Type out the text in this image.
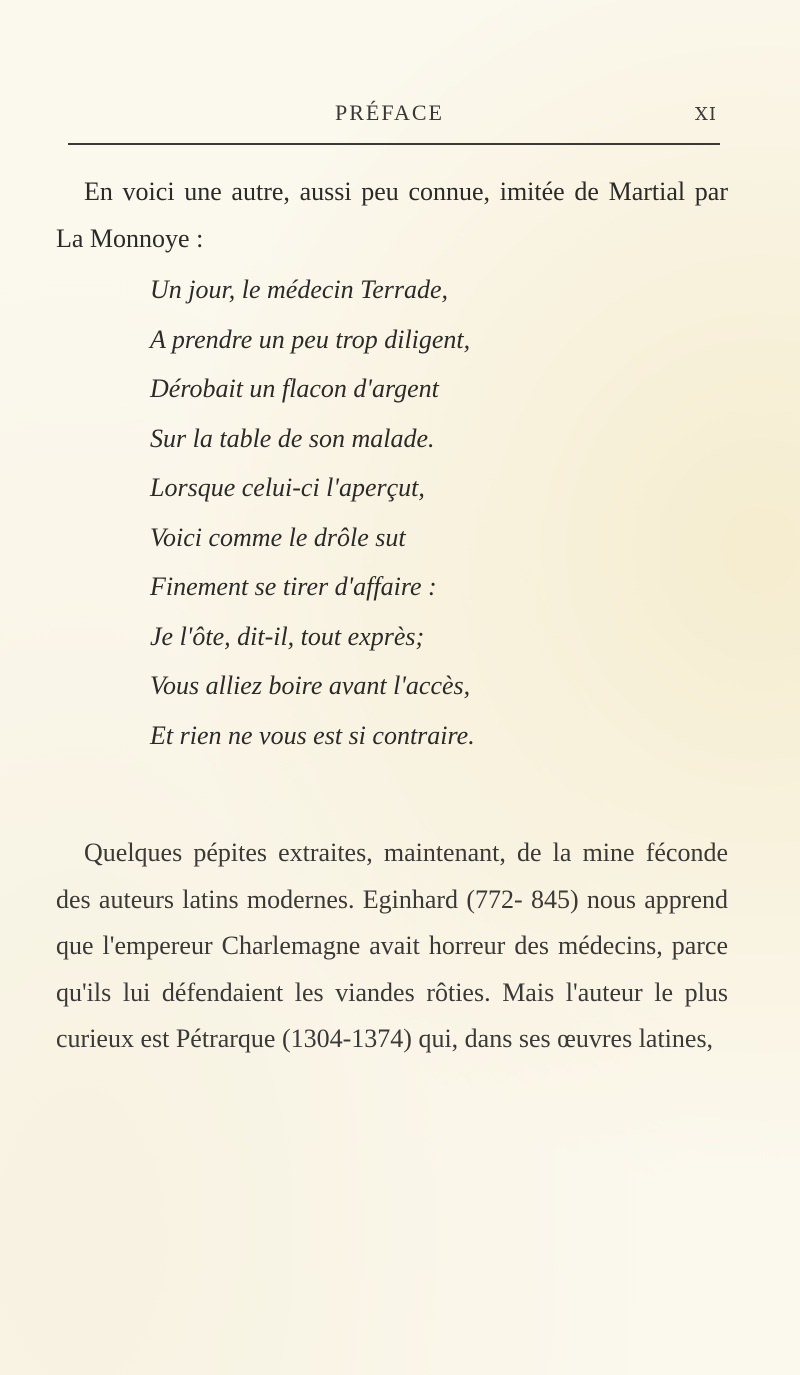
PRÉFACE	XI
En voici une autre, aussi peu connue, imitée de Martial par La Monnoye :
Un jour, le médecin Terrade,
A prendre un peu trop diligent,
Dérobait un flacon d'argent
Sur la table de son malade.
Lorsque celui-ci l'aperçut,
Voici comme le drôle sut
Finement se tirer d'affaire :
Je l'ôte, dit-il, tout exprès;
Vous alliez boire avant l'accès,
Et rien ne vous est si contraire.
Quelques pépites extraites, maintenant, de la mine féconde des auteurs latins modernes. Eginhard (772- 845) nous apprend que l'empereur Charlemagne avait horreur des médecins, parce qu'ils lui défendaient les viandes rôties. Mais l'auteur le plus curieux est Pétrarque (1304-1374) qui, dans ses œuvres latines,
